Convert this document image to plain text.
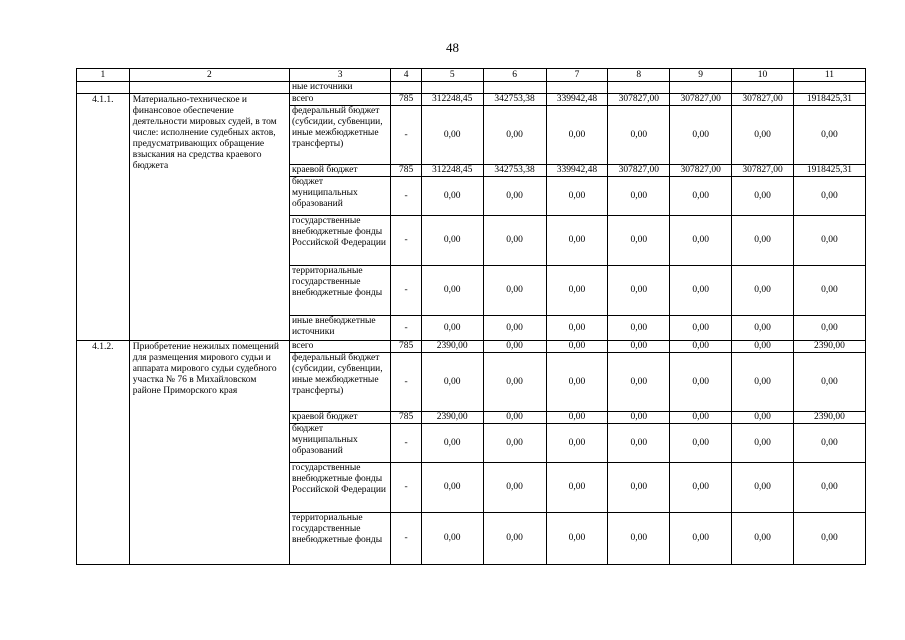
48
1	2	3	4	5	6	7	8	9	10	11
		ные источники								
4.1.1.	Материально-техническое и финансовое обеспечение деятельности мировых судей, в том числе: исполнение судебных актов, предусматривающих обращение взыскания на средства краевого бюджета	всего	785	312248,45	342753,38	339942,48	307827,00	307827,00	307827,00	1918425,31
		федеральный бюджет (субсидии, субвенции, иные межбюджетные трансферты)	-	0,00	0,00	0,00	0,00	0,00	0,00	0,00
		краевой бюджет	785	312248,45	342753,38	339942,48	307827,00	307827,00	307827,00	1918425,31
		бюджет муниципальных образований	-	0,00	0,00	0,00	0,00	0,00	0,00	0,00
		государственные внебюджетные фонды Российской Федерации	-	0,00	0,00	0,00	0,00	0,00	0,00	0,00
		территориальные государственные внебюджетные фонды	-	0,00	0,00	0,00	0,00	0,00	0,00	0,00
		иные внебюджетные источники	-	0,00	0,00	0,00	0,00	0,00	0,00	0,00
4.1.2.	Приобретение нежилых помещений для размещения мирового судьи и аппарата мирового судьи судебного участка № 76 в Михайловском районе Приморского края	всего	785	2390,00	0,00	0,00	0,00	0,00	0,00	2390,00
		федеральный бюджет (субсидии, субвенции, иные межбюджетные трансферты)	-	0,00	0,00	0,00	0,00	0,00	0,00	0,00
		краевой бюджет	785	2390,00	0,00	0,00	0,00	0,00	0,00	2390,00
		бюджет муниципальных образований	-	0,00	0,00	0,00	0,00	0,00	0,00	0,00
		государственные внебюджетные фонды Российской Федерации	-	0,00	0,00	0,00	0,00	0,00	0,00	0,00
		территориальные государственные внебюджетные фонды	-	0,00	0,00	0,00	0,00	0,00	0,00	0,00
